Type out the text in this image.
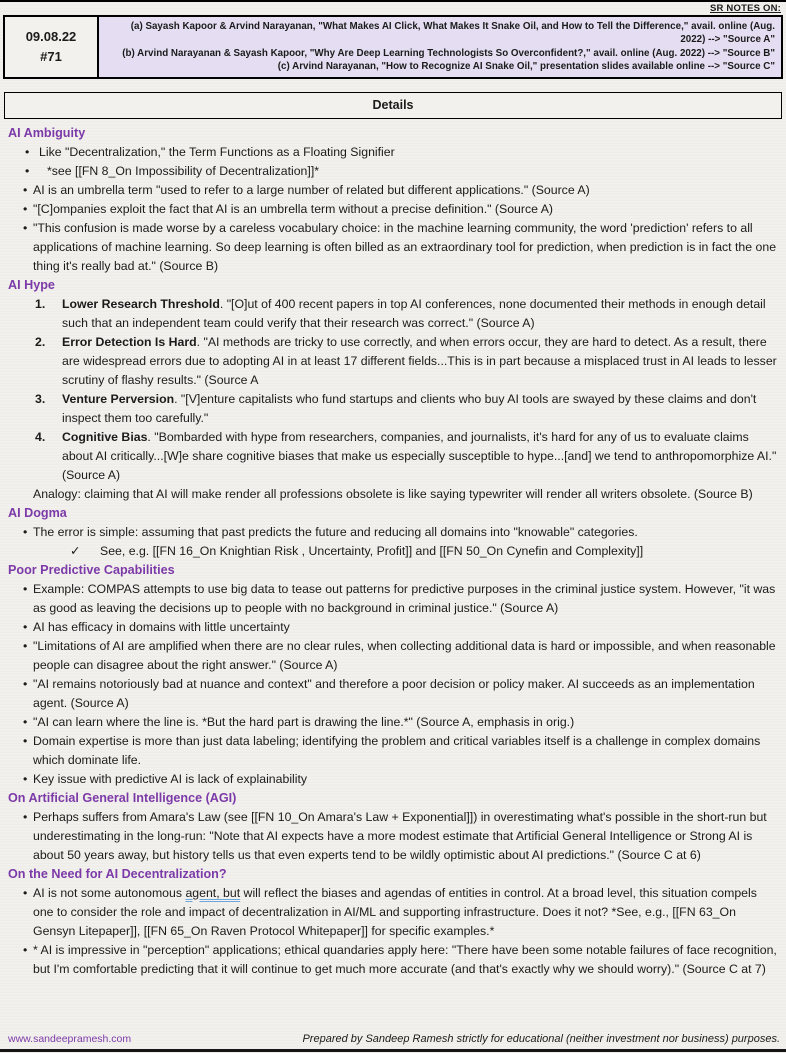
SR NOTES ON:
09.08.22
#71
(a) Sayash Kapoor & Arvind Narayanan, "What Makes AI Click, What Makes It Snake Oil, and How to Tell the Difference," avail. online (Aug. 2022) --> "Source A"
(b) Arvind Narayanan & Sayash Kapoor, "Why Are Deep Learning Technologists So Overconfident?," avail. online (Aug. 2022) --> "Source B"
(c) Arvind Narayanan, "How to Recognize AI Snake Oil," presentation slides available online --> "Source C"
Details
AI Ambiguity
• Like "Decentralization," the Term Functions as a Floating Signifier
• *see [[FN 8_On Impossibility of Decentralization]]*
• AI is an umbrella term "used to refer to a large number of related but different applications." (Source A)
• "[C]ompanies exploit the fact that AI is an umbrella term without a precise definition." (Source A)
• "This confusion is made worse by a careless vocabulary choice: in the machine learning community, the word 'prediction' refers to all applications of machine learning. So deep learning is often billed as an extraordinary tool for prediction, when prediction is in fact the one thing it's really bad at." (Source B)
AI Hype
Lower Research Threshold. "[O]ut of 400 recent papers in top AI conferences, none documented their methods in enough detail such that an independent team could verify that their research was correct." (Source A)
Error Detection Is Hard. "AI methods are tricky to use correctly, and when errors occur, they are hard to detect. As a result, there are widespread errors due to adopting AI in at least 17 different fields...This is in part because a misplaced trust in AI leads to lesser scrutiny of flashy results." (Source A
Venture Perversion. "[V]enture capitalists who fund startups and clients who buy AI tools are swayed by these claims and don't inspect them too carefully."
Cognitive Bias. "Bombarded with hype from researchers, companies, and journalists, it's hard for any of us to evaluate claims about AI critically...[W]e share cognitive biases that make us especially susceptible to hype...[and] we tend to anthropomorphize AI." (Source A)
Analogy: claiming that AI will make render all professions obsolete is like saying typewriter will render all writers obsolete. (Source B)
AI Dogma
• The error is simple: assuming that past predicts the future and reducing all domains into "knowable" categories.
✓ See, e.g. [[FN 16_On Knightian Risk , Uncertainty, Profit]] and [[FN 50_On Cynefin and Complexity]]
Poor Predictive Capabilities
• Example: COMPAS attempts to use big data to tease out patterns for predictive purposes in the criminal justice system. However, "it was as good as leaving the decisions up to people with no background in criminal justice." (Source A)
• AI has efficacy in domains with little uncertainty
• "Limitations of AI are amplified when there are no clear rules, when collecting additional data is hard or impossible, and when reasonable people can disagree about the right answer." (Source A)
• "AI remains notoriously bad at nuance and context" and therefore a poor decision or policy maker. AI succeeds as an implementation agent. (Source A)
• "AI can learn where the line is. *But the hard part is drawing the line.*" (Source A, emphasis in orig.)
• Domain expertise is more than just data labeling; identifying the problem and critical variables itself is a challenge in complex domains which dominate life.
• Key issue with predictive AI is lack of explainability
On Artificial General Intelligence (AGI)
• Perhaps suffers from Amara's Law (see [[FN 10_On Amara's Law + Exponential]]) in overestimating what's possible in the short-run but underestimating in the long-run: "Note that AI expects have a more modest estimate that Artificial General Intelligence or Strong AI is about 50 years away, but history tells us that even experts tend to be wildly optimistic about AI predictions." (Source C at 6)
On the Need for AI Decentralization?
• AI is not some autonomous agent, but will reflect the biases and agendas of entities in control. At a broad level, this situation compels one to consider the role and impact of decentralization in AI/ML and supporting infrastructure. Does it not? *See, e.g., [[FN 63_On Gensyn Litepaper]], [[FN 65_On Raven Protocol Whitepaper]] for specific examples.*
• * AI is impressive in "perception" applications; ethical quandaries apply here: "There have been some notable failures of face recognition, but I'm comfortable predicting that it will continue to get much more accurate (and that's exactly why we should worry)." (Source C at 7)
www.sandeepramesh.com	Prepared by Sandeep Ramesh strictly for educational (neither investment nor business) purposes.
